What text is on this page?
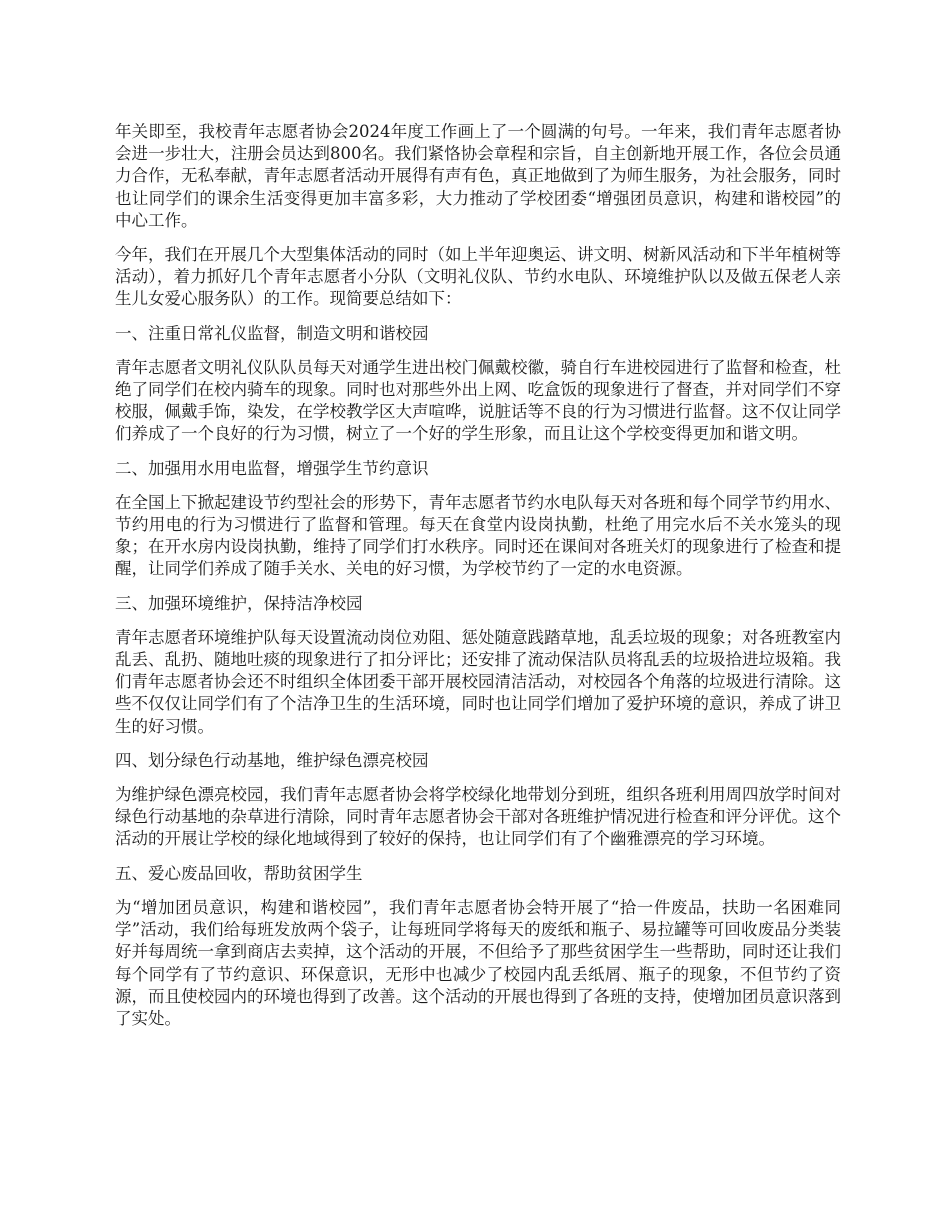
年关即至，我校青年志愿者协会2024年度工作画上了一个圆满的句号。一年来，我们青年志愿者协会进一步壮大，注册会员达到800名。我们紧恪协会章程和宗旨，自主创新地开展工作，各位会员通力合作，无私奉献，青年志愿者活动开展得有声有色，真正地做到了为师生服务，为社会服务，同时也让同学们的课余生活变得更加丰富多彩，大力推动了学校团委“增强团员意识，构建和谐校园”的中心工作。

今年，我们在开展几个大型集体活动的同时（如上半年迎奥运、讲文明、树新风活动和下半年植树等活动），着力抓好几个青年志愿者小分队（文明礼仪队、节约水电队、环境维护队以及做五保老人亲生儿女爱心服务队）的工作。现简要总结如下：

一、注重日常礼仪监督，制造文明和谐校园

青年志愿者文明礼仪队队员每天对通学生进出校门佩戴校徽，骑自行车进校园进行了监督和检查，杜绝了同学们在校内骑车的现象。同时也对那些外出上网、吃盒饭的现象进行了督查，并对同学们不穿校服，佩戴手饰，染发，在学校教学区大声喧哗，说脏话等不良的行为习惯进行监督。这不仅让同学们养成了一个良好的行为习惯，树立了一个好的学生形象，而且让这个学校变得更加和谐文明。

二、加强用水用电监督，增强学生节约意识

在全国上下掀起建设节约型社会的形势下，青年志愿者节约水电队每天对各班和每个同学节约用水、节约用电的行为习惯进行了监督和管理。每天在食堂内设岗执勤，杜绝了用完水后不关水笼头的现象；在开水房内设岗执勤，维持了同学们打水秩序。同时还在课间对各班关灯的现象进行了检查和提醒，让同学们养成了随手关水、关电的好习惯，为学校节约了一定的水电资源。

三、加强环境维护，保持洁净校园

青年志愿者环境维护队每天设置流动岗位劝阻、惩处随意践踏草地，乱丢垃圾的现象；对各班教室内乱丢、乱扔、随地吐痰的现象进行了扣分评比；还安排了流动保洁队员将乱丢的垃圾拾进垃圾箱。我们青年志愿者协会还不时组织全体团委干部开展校园清洁活动，对校园各个角落的垃圾进行清除。这些不仅仅让同学们有了个洁净卫生的生活环境，同时也让同学们增加了爱护环境的意识，养成了讲卫生的好习惯。

四、划分绿色行动基地，维护绿色漂亮校园

为维护绿色漂亮校园，我们青年志愿者协会将学校绿化地带划分到班，组织各班利用周四放学时间对绿色行动基地的杂草进行清除，同时青年志愿者协会干部对各班维护情况进行检查和评分评优。这个活动的开展让学校的绿化地域得到了较好的保持，也让同学们有了个幽雅漂亮的学习环境。

五、爱心废品回收，帮助贫困学生

为“增加团员意识，构建和谐校园”，我们青年志愿者协会特开展了“拾一件废品，扶助一名困难同学”活动，我们给每班发放两个袋子，让每班同学将每天的废纸和瓶子、易拉罐等可回收废品分类装好并每周统一拿到商店去卖掉，这个活动的开展，不但给予了那些贫困学生一些帮助，同时还让我们每个同学有了节约意识、环保意识，无形中也减少了校园内乱丢纸屑、瓶子的现象，不但节约了资源，而且使校园内的环境也得到了改善。这个活动的开展也得到了各班的支持，使增加团员意识落到了实处。
